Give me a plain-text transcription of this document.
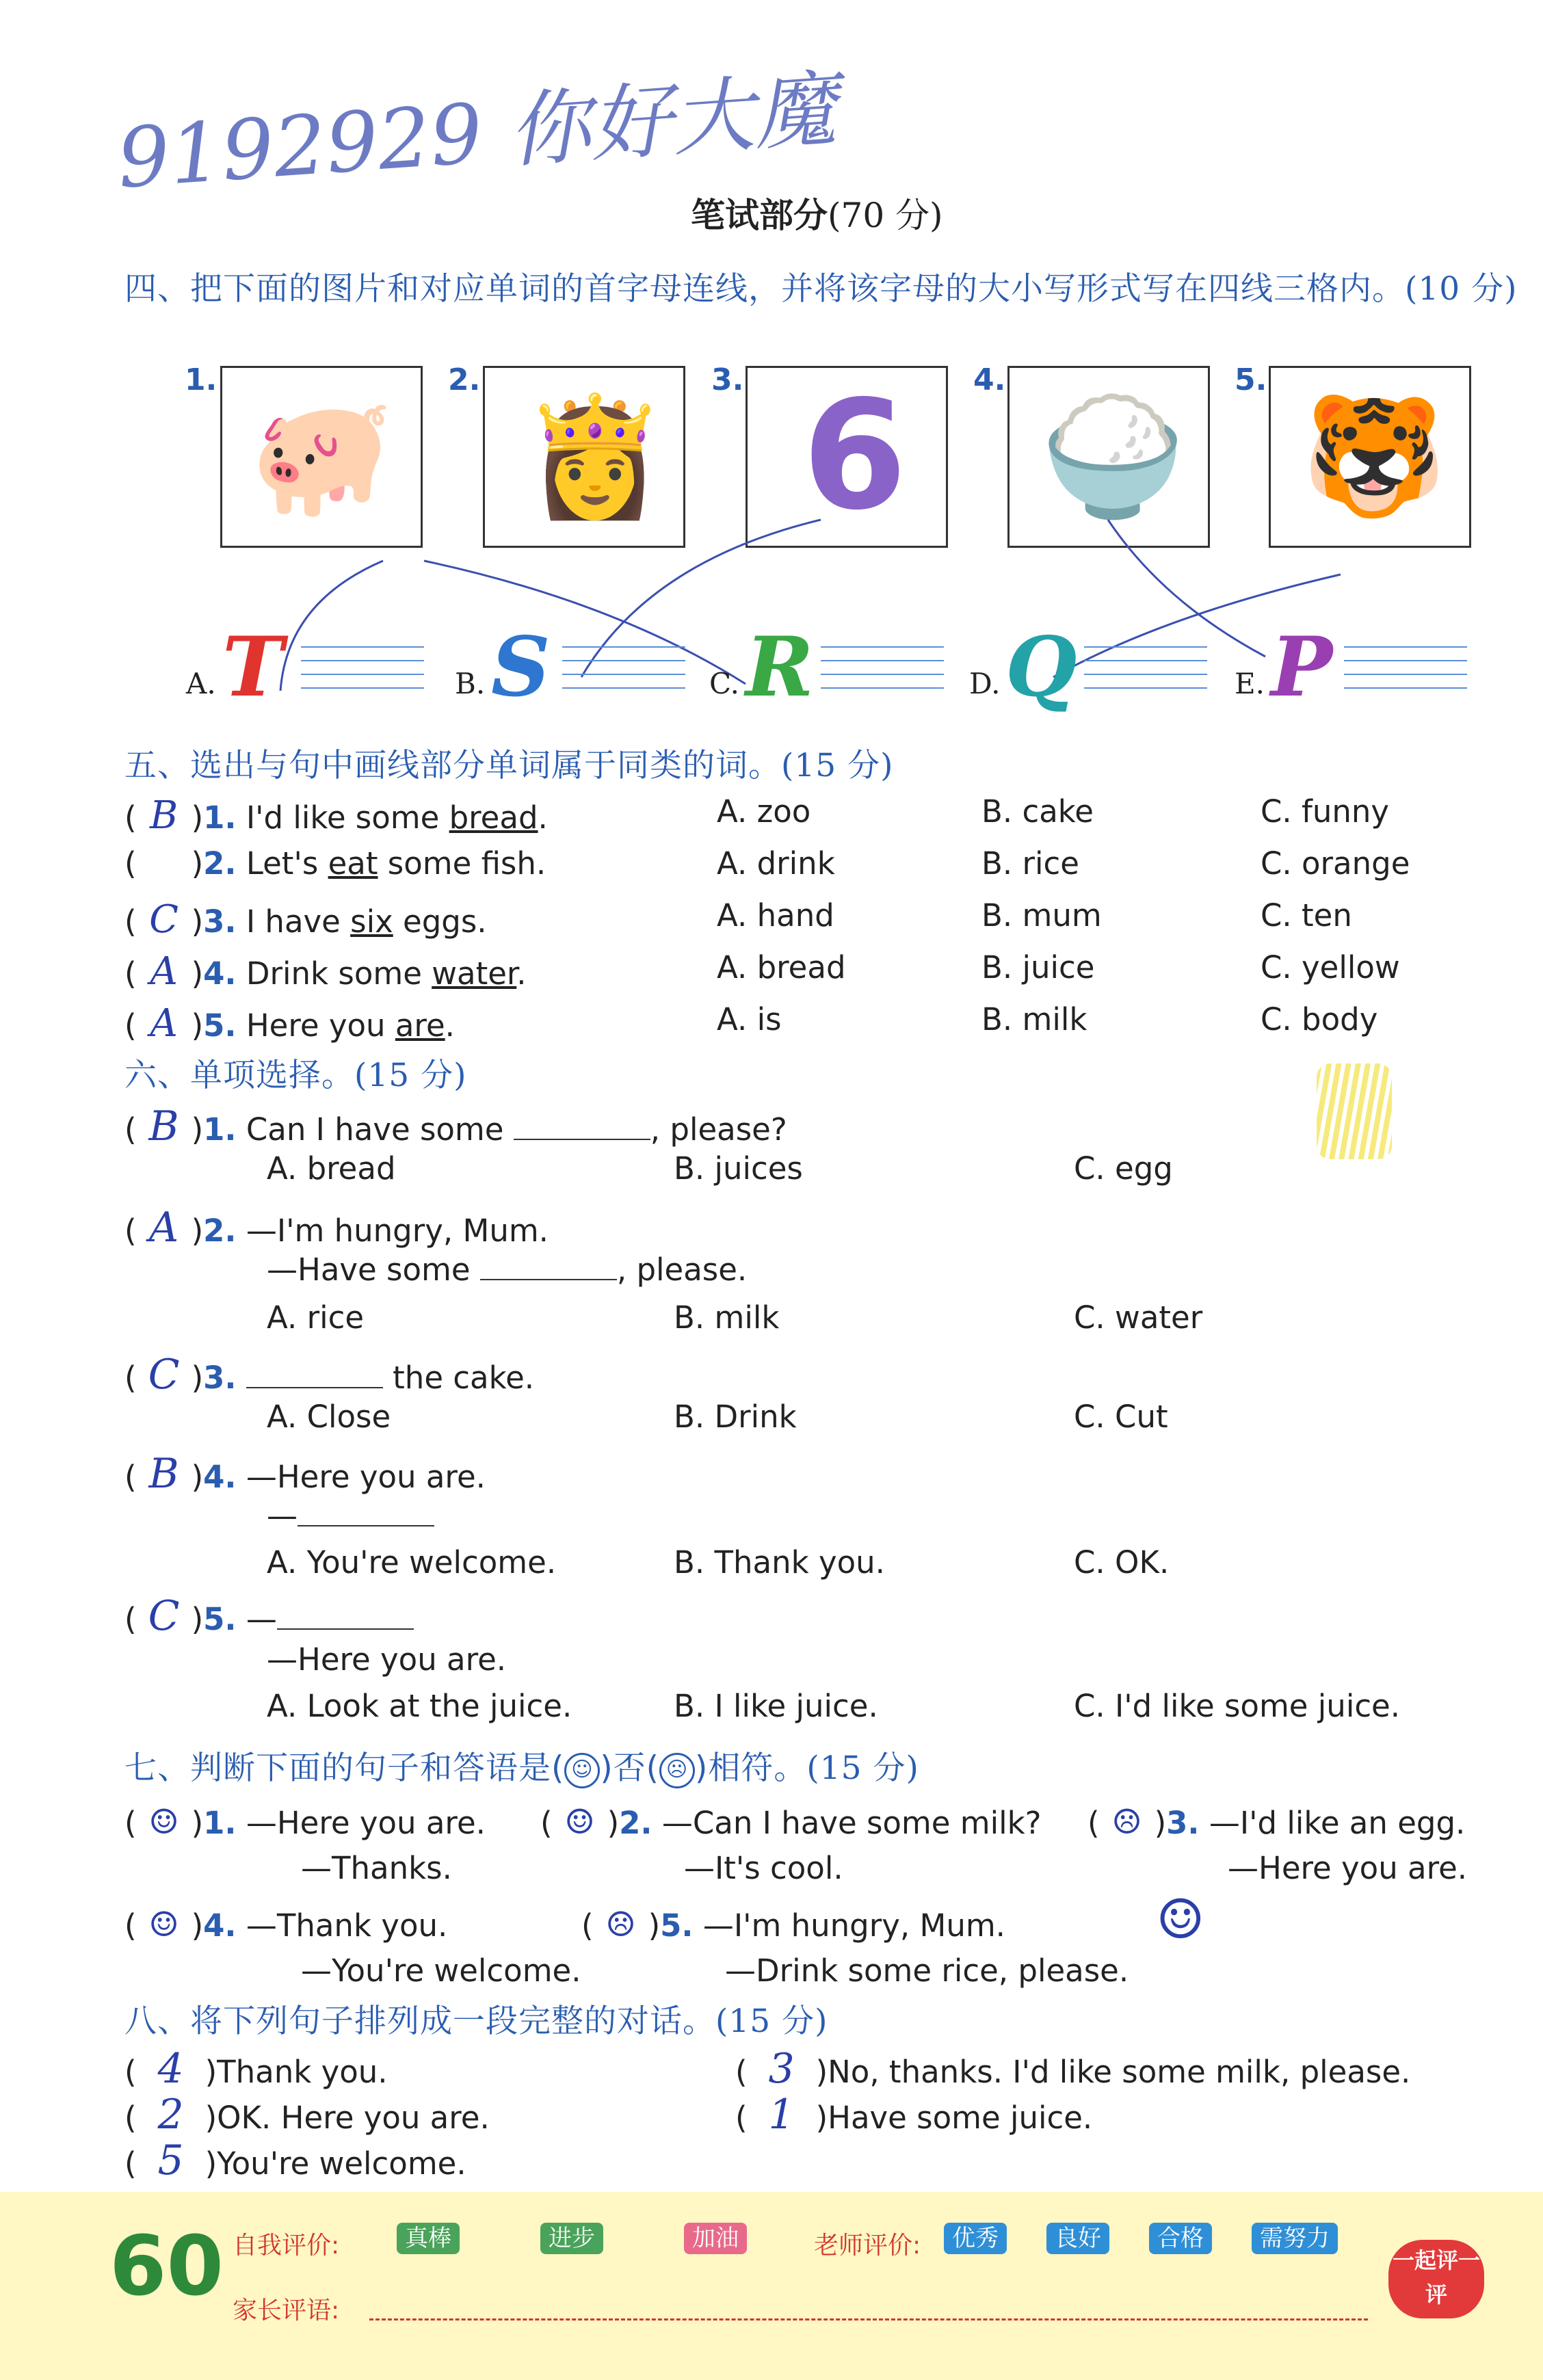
9192929 你好大魔
笔试部分(70 分)
四、把下面的图片和对应单词的首字母连线，并将该字母的大小写形式写在四线三格内。(10 分)
1.
🐖
2.
👸
3. 6 4.
🍚
5.
🐯
A. T	B. S	C. R	D. Q	E. P
五、选出与句中画线部分单词属于同类的词。(15 分)
( B )1. I'd like some bread.	A. zoo	B. cake	C. funny
( )2. Let's eat some fish.	A. drink	B. rice	C. orange
( C )3. I have six eggs.	A. hand	B. mum	C. ten
( A )4. Drink some water.	A. bread	B. juice	C. yellow
( A )5. Here you are.	A. is	B. milk	C. body
六、单项选择。(15 分)
( B )1. Can I have some	, please?
A. bread	B. juices	C. egg
( A )2. —I'm hungry, Mum.
—Have some	, please.
A. rice	B. milk	C. water
( C )3.	the cake.
A. Close	B. Drink	C. Cut
( B )4. —Here you are.
—
A. You're welcome.	B. Thank you.	C. OK.
( C )5. —
—Here you are.
A. Look at the juice.	B. I like juice.	C. I'd like some juice.
七、判断下面的句子和答语是( ☺ )否( ☹ )相符。(15 分)
( ☺ )1. —Here you are.
—Thanks.
( ☺ )2. —Can I have some milk?
—It's cool.
( ☹ )3. —I'd like an egg.
—Here you are.
( ☺ )4. —Thank you.
—You're welcome.
( ☹ )5. —I'm hungry, Mum.
—Drink some rice, please.
☺
八、将下列句子排列成一段完整的对话。(15 分)
( 4 )Thank you.	( 3 )No, thanks. I'd like some milk, please.
( 2 )OK. Here you are.	( 1 )Have some juice.
( 5 )You're welcome.
60 自我评价:	真棒	进步	加油	老师评价:	优秀	良好	合格	需努力
家长评语:
一起评一评
